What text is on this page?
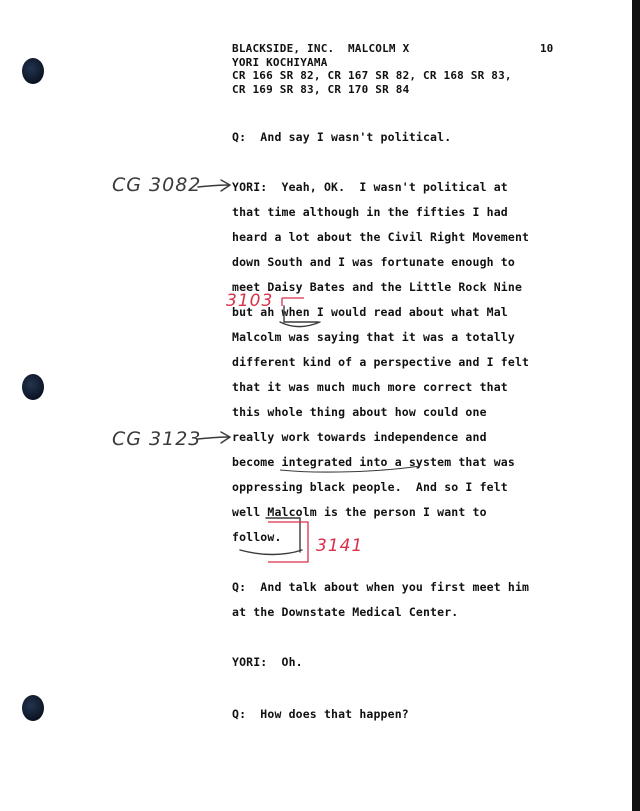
BLACKSIDE, INC.  MALCOLM X
YORI KOCHIYAMA
CR 166 SR 82, CR 167 SR 82, CR 168 SR 83,
CR 169 SR 83, CR 170 SR 84
10
Q:  And say I wasn't political.
YORI:  Yeah, OK.  I wasn't political at
that time although in the fifties I had
heard a lot about the Civil Right Movement
down South and I was fortunate enough to
meet Daisy Bates and the Little Rock Nine
but ah when I would read about what Mal
Malcolm was saying that it was a totally
different kind of a perspective and I felt
that it was much much more correct that
this whole thing about how could one
really work towards independence and
become integrated into a system that was
oppressing black people.  And so I felt
well Malcolm is the person I want to
follow.
Q:  And talk about when you first meet him
at the Downstate Medical Center.
YORI:  Oh.
Q:  How does that happen?
CG 3082
CG 3123
3103
3141
